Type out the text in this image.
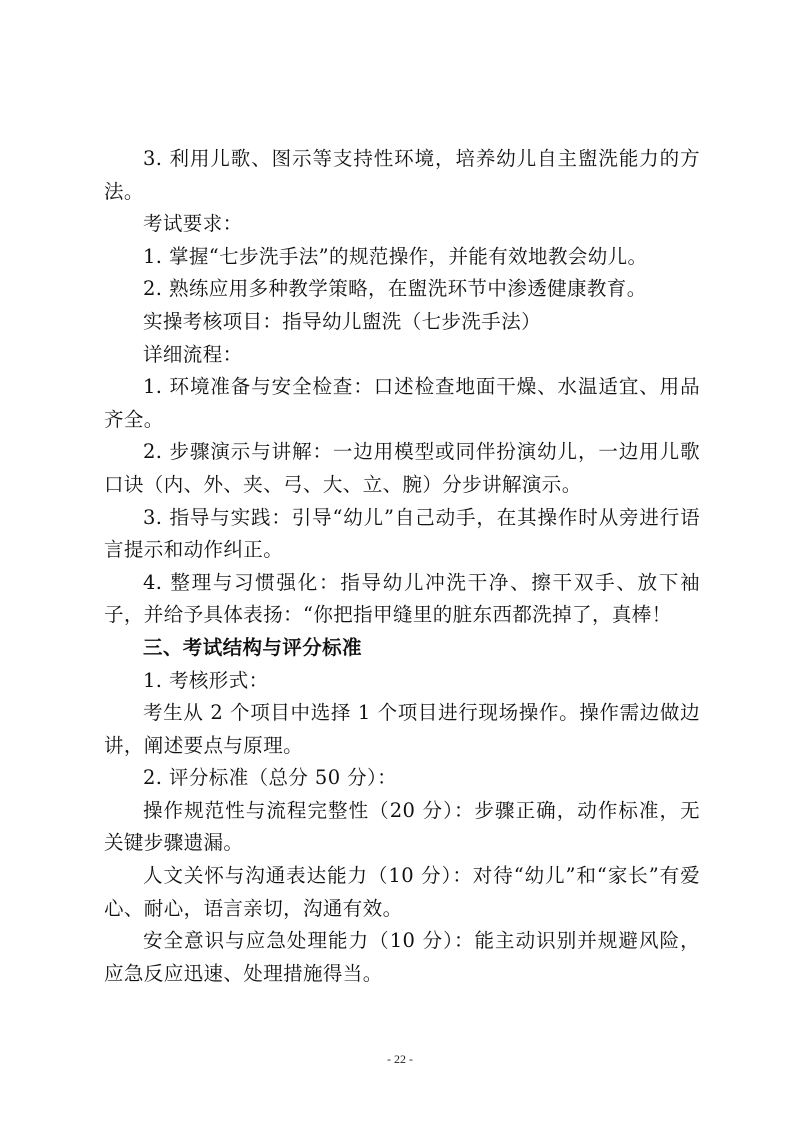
3. 利用儿歌、图示等支持性环境，培养幼儿自主盥洗能力的方法。

考试要求：

1. 掌握“七步洗手法”的规范操作，并能有效地教会幼儿。

2. 熟练应用多种教学策略，在盥洗环节中渗透健康教育。

实操考核项目：指导幼儿盥洗（七步洗手法）

详细流程：

1. 环境准备与安全检查：口述检查地面干燥、水温适宜、用品齐全。

2. 步骤演示与讲解：一边用模型或同伴扮演幼儿，一边用儿歌口诀（内、外、夹、弓、大、立、腕）分步讲解演示。

3. 指导与实践：引导“幼儿”自己动手，在其操作时从旁进行语言提示和动作纠正。

4. 整理与习惯强化：指导幼儿冲洗干净、擦干双手、放下袖子，并给予具体表扬：“你把指甲缝里的脏东西都洗掉了，真棒！

三、考试结构与评分标准

1. 考核形式：

考生从 2 个项目中选择 1 个项目进行现场操作。操作需边做边讲，阐述要点与原理。

2. 评分标准（总分 50 分）：

操作规范性与流程完整性（20 分）：步骤正确，动作标准，无关键步骤遗漏。

人文关怀与沟通表达能力（10 分）：对待“幼儿”和“家长”有爱心、耐心，语言亲切，沟通有效。

安全意识与应急处理能力（10 分）：能主动识别并规避风险，应急反应迅速、处理措施得当。

- 22 -
